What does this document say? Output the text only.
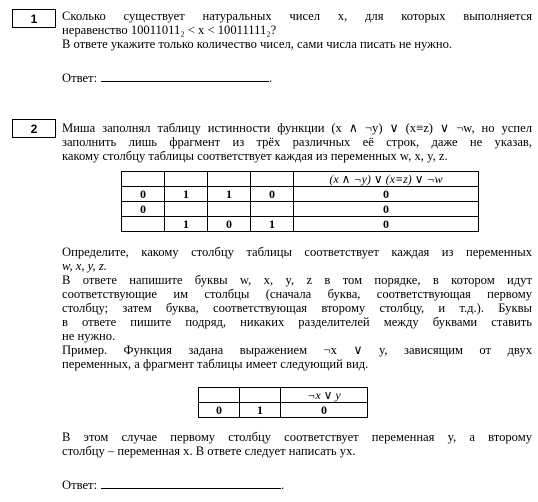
1 Сколько существует натуральных чисел x, для которых выполняется
неравенство 10011011₂ < x < 10011111₂?
В ответе укажите только количество чисел, сами числа писать не нужно.
Ответ:	.
2 Миша заполнял таблицу истинности функции (x ∧ ¬y) ∨ (x≡z) ∨ ¬w, но успел
заполнить лишь фрагмент из трёх различных её строк, даже не указав,
какому столбцу таблицы соответствует каждая из переменных w, x, y, z.
				(x ∧ ¬y) ∨ (x≡z) ∨ ¬w
0	1	1	0	0
0				0
	1	0	1	0
Определите, какому столбцу таблицы соответствует каждая из переменных
w, x, y, z.
В ответе напишите буквы w, x, y, z в том порядке, в котором идут
соответствующие им столбцы (сначала буква, соответствующая первому
столбцу; затем буква, соответствующая второму столбцу, и т.д.). Буквы
в ответе пишите подряд, никаких разделителей между буквами ставить
не нужно.
Пример. Функция задана выражением ¬x ∨ y, зависящим от двух
переменных, а фрагмент таблицы имеет следующий вид.
		¬x ∨ y
0	1	0
В этом случае первому столбцу соответствует переменная y, а второму
столбцу – переменная x. В ответе следует написать yx.
Ответ:	.
